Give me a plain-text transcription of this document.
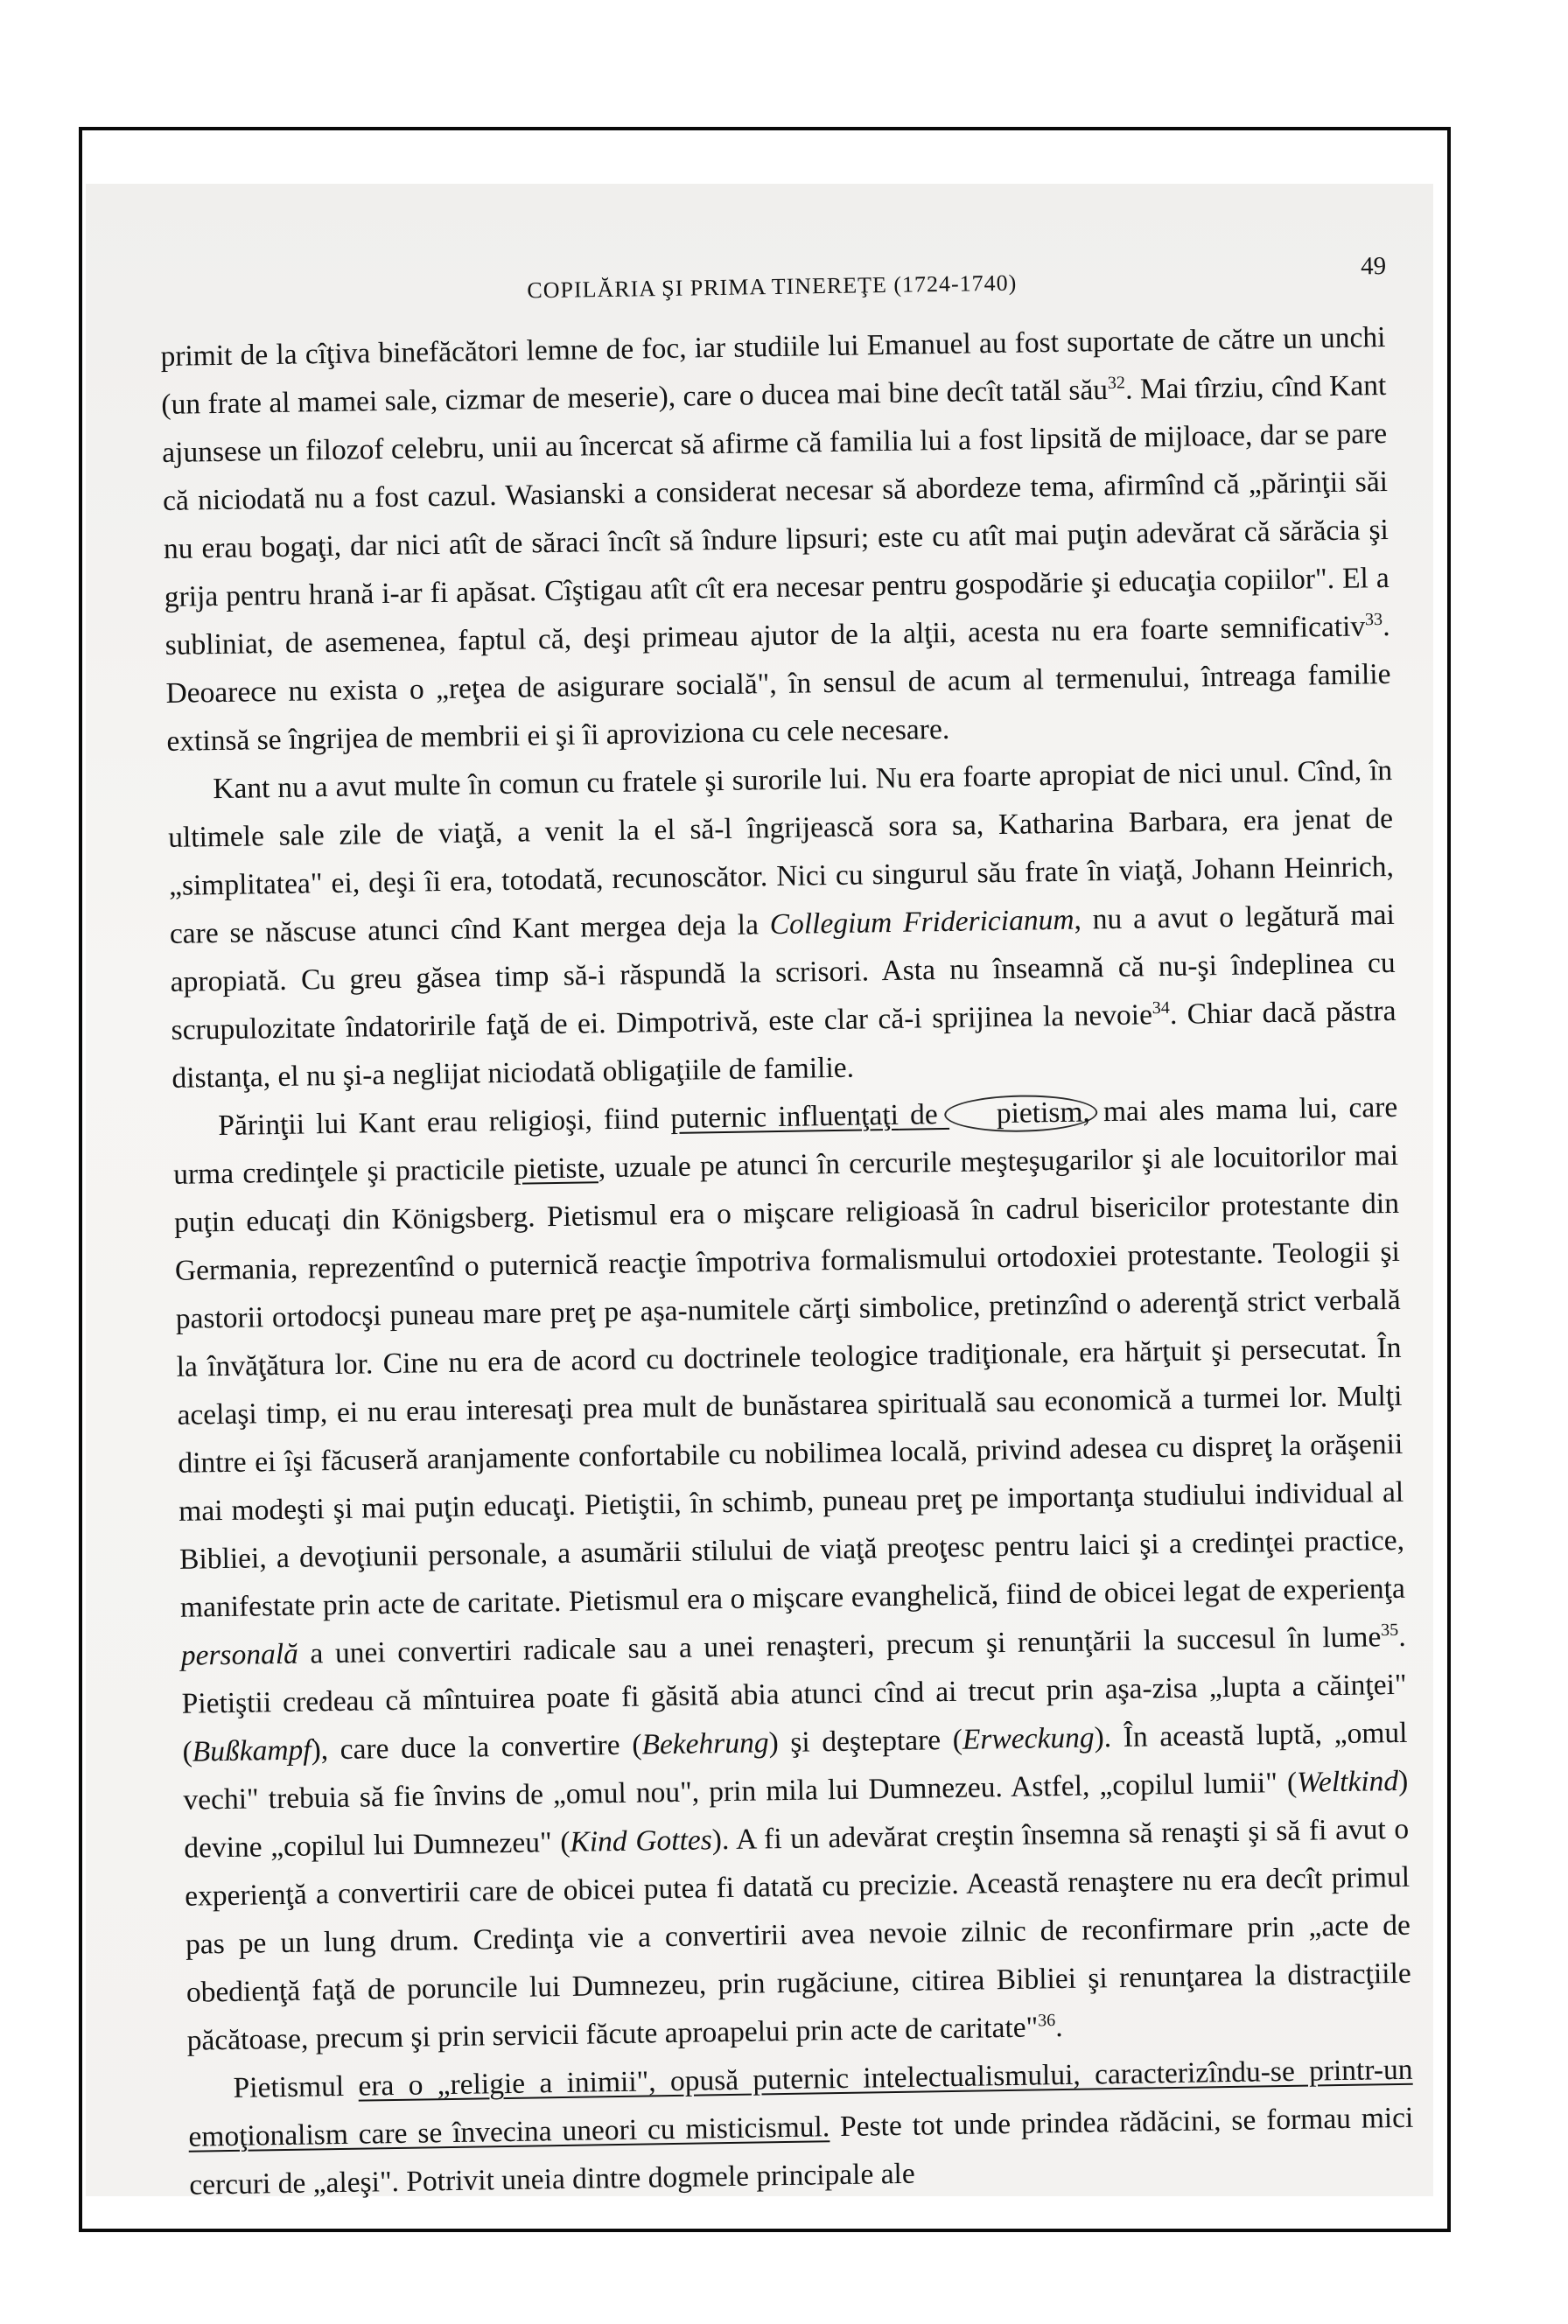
COPILĂRIA ŞI PRIMA TINEREŢE (1724-1740)
49

primit de la cîţiva binefăcători lemne de foc, iar studiile lui Emanuel au fost suportate de către un unchi (un frate al mamei sale, cizmar de meserie), care o ducea mai bine decît tatăl său$^{32}$. Mai tîrziu, cînd Kant ajunsese un filozof celebru, unii au încercat să afirme că familia lui a fost lipsită de mijloace, dar se pare că niciodată nu a fost cazul. Wasianski a considerat necesar să abordeze tema, afirmînd că „părinţii săi nu erau bogaţi, dar nici atît de săraci încît să îndure lipsuri; este cu atît mai puţin adevărat că sărăcia şi grija pentru hrană i-ar fi apăsat. Cîştigau atît cît era necesar pentru gospodărie şi educaţia copiilor". El a subliniat, de asemenea, faptul că, deşi primeau ajutor de la alţii, acesta nu era foarte semnificativ$^{33}$. Deoarece nu exista o „reţea de asigurare socială", în sensul de acum al termenului, întreaga familie extinsă se îngrijea de membrii ei şi îi aproviziona cu cele necesare.

Kant nu a avut multe în comun cu fratele şi surorile lui. Nu era foarte apropiat de nici unul. Cînd, în ultimele sale zile de viaţă, a venit la el să-l îngrijească sora sa, Katharina Barbara, era jenat de „simplitatea" ei, deşi îi era, totodată, recunoscător. Nici cu singurul său frate în viaţă, Johann Heinrich, care se născuse atunci cînd Kant mergea deja la Collegium Fridericianum, nu a avut o legătură mai apropiată. Cu greu găsea timp să-i răspundă la scrisori. Asta nu înseamnă că nu-şi îndeplinea cu scrupulozitate îndatoririle faţă de ei. Dimpotrivă, este clar că-i sprijinea la nevoie$^{34}$. Chiar dacă păstra distanţa, el nu şi-a neglijat niciodată obligaţiile de familie.

Părinţii lui Kant erau religioşi, fiind puternic influenţaţi de pietism, mai ales mama lui, care urma credinţele şi practicile pietiste, uzuale pe atunci în cercurile meşteşugarilor şi ale locuitorilor mai puţin educaţi din Königsberg. Pietismul era o mişcare religioasă în cadrul bisericilor protestante din Germania, reprezentînd o puternică reacţie împotriva formalismului ortodoxiei protestante. Teologii şi pastorii ortodocşi puneau mare preţ pe aşa-numitele cărţi simbolice, pretinzînd o aderenţă strict verbală la învăţătura lor. Cine nu era de acord cu doctrinele teologice tradiţionale, era hărţuit şi persecutat. În acelaşi timp, ei nu erau interesaţi prea mult de bunăstarea spirituală sau economică a turmei lor. Mulţi dintre ei îşi făcuseră aranjamente confortabile cu nobilimea locală, privind adesea cu dispreţ la orăşenii mai modeşti şi mai puţin educaţi. Pietiştii, în schimb, puneau preţ pe importanţa studiului individual al Bibliei, a devoţiunii personale, a asumării stilului de viaţă preoţesc pentru laici şi a credinţei practice, manifestate prin acte de caritate. Pietismul era o mişcare evanghelică, fiind de obicei legat de experienţa personală a unei convertiri radicale sau a unei renaşteri, precum şi renunţării la succesul în lume$^{35}$. Pietiştii credeau că mîntuirea poate fi găsită abia atunci cînd ai trecut prin aşa-zisa „lupta a căinţei" (Bußkampf), care duce la convertire (Bekehrung) şi deşteptare (Erweckung). În această luptă, „omul vechi" trebuia să fie învins de „omul nou", prin mila lui Dumnezeu. Astfel, „copilul lumii" (Weltkind) devine „copilul lui Dumnezeu" (Kind Gottes). A fi un adevărat creştin însemna să renaşti şi să fi avut o experienţă a convertirii care de obicei putea fi datată cu precizie. Această renaştere nu era decît primul pas pe un lung drum. Credinţa vie a convertirii avea nevoie zilnic de reconfirmare prin „acte de obedienţă faţă de poruncile lui Dumnezeu, prin rugăciune, citirea Bibliei şi renunţarea la distracţiile păcătoase, precum şi prin servicii făcute aproapelui prin acte de caritate"$^{36}$.

Pietismul era o „religie a inimii", opusă puternic intelectualismului, caracterizîndu-se printr-un emoţionalism care se învecina uneori cu misticismul. Peste tot unde prindea rădăcini, se formau mici cercuri de „aleşi". Potrivit uneia dintre dogmele principale ale
